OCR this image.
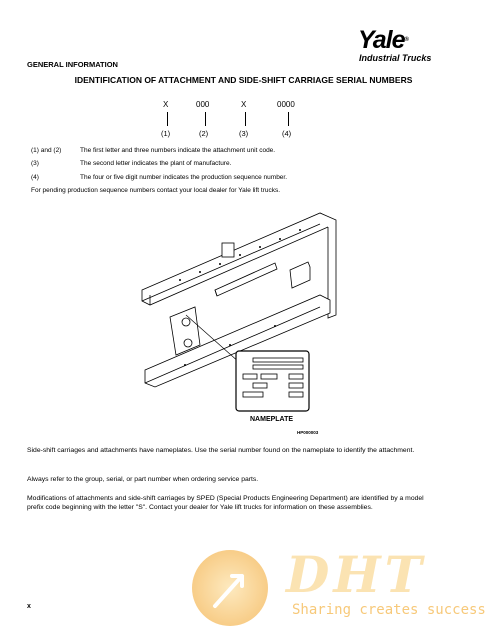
Yale®
Industrial Trucks
GENERAL INFORMATION
IDENTIFICATION OF ATTACHMENT AND SIDE-SHIFT CARRIAGE SERIAL NUMBERS
X	000	X	0000
(1)	(2)	(3)	(4)
(1) and (2)	The first letter and three numbers indicate the attachment unit code.
(3)	The second letter indicates the plant of manufacture.
(4)	The four or five digit number indicates the production sequence number.
For pending production sequence numbers contact your local dealer for Yale lift trucks.
NAMEPLATE
HP000003
Side-shift carriages and attachments have nameplates. Use the serial number found on the nameplate to identify the attachment.
Always refer to the group, serial, or part number when ordering service parts.
Modifications of attachments and side-shift carriages by SPED (Special Products Engineering Department) are identified by a model prefix code beginning with the letter "S". Contact your dealer for Yale lift trucks for information on these assemblies.
x
DHT
Sharing creates success
